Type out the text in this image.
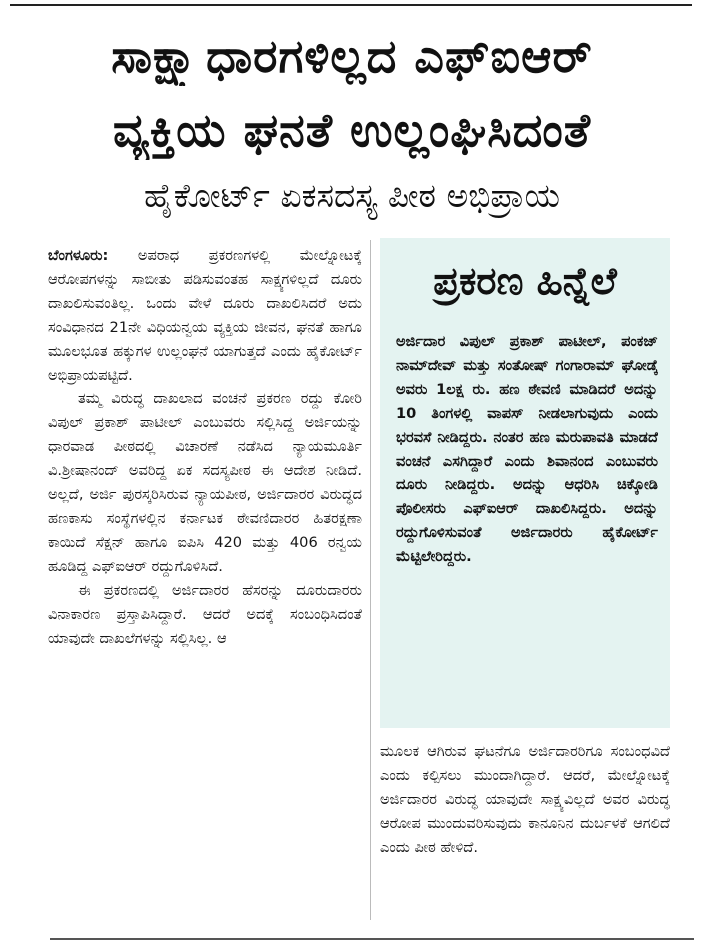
ಸಾಕ್ಷ್ಯಾಧಾರಗಳಿಲ್ಲದ ಎಫ್‌ಐಆರ್
ವ್ಯಕ್ತಿಯ ಘನತೆ ಉಲ್ಲಂಘಿಸಿದಂತೆ
ಹೈಕೋರ್ಟ್‌ ಏಕಸದಸ್ಯ ಪೀಠ ಅಭಿಪ್ರಾಯ

ಬೆಂಗಳೂರು: ಅಪರಾಧ ಪ್ರಕರಣಗಳಲ್ಲಿ ಮೇಲ್ನೋಟಕ್ಕೆ ಆರೋಪಗಳನ್ನು ಸಾಬೀತು ಪಡಿಸುವಂತಹ ಸಾಕ್ಷ್ಯಗಳಿಲ್ಲದೆ ದೂರು ದಾಖಲಿಸುವಂತಿಲ್ಲ. ಒಂದು ವೇಳೆ ದೂರು ದಾಖಲಿಸಿದರೆ ಅದು ಸಂವಿಧಾನದ 21ನೇ ವಿಧಿಯನ್ವಯ ವ್ಯಕ್ತಿಯ ಜೀವನ, ಘನತೆ ಹಾಗೂ ಮೂಲಭೂತ ಹಕ್ಕುಗಳ ಉಲ್ಲಂಘನೆ ಯಾಗುತ್ತದೆ ಎಂದು ಹೈಕೋರ್ಟ್ ಅಭಿಪ್ರಾಯಪಟ್ಟಿದೆ.

ತಮ್ಮ ವಿರುದ್ಧ ದಾಖಲಾದ ವಂಚನೆ ಪ್ರಕರಣ ರದ್ದು ಕೋರಿ ವಿಪುಲ್ ಪ್ರಕಾಶ್ ಪಾಟೀಲ್ ಎಂಬುವರು ಸಲ್ಲಿಸಿದ್ದ ಅರ್ಜಿಯನ್ನು ಧಾರವಾಡ ಪೀಠದಲ್ಲಿ ವಿಚಾರಣೆ ನಡೆಸಿದ ನ್ಯಾಯಮೂರ್ತಿ ವಿ.ಶ್ರೀಷಾನಂದ್ ಅವರಿದ್ದ ಏಕ ಸದಸ್ಯಪೀಠ ಈ ಆದೇಶ ನೀಡಿದೆ. ಅಲ್ಲದೆ, ಅರ್ಜಿ ಪುರಸ್ಕರಿಸಿರುವ ನ್ಯಾಯಪೀಠ, ಅರ್ಜಿದಾರರ ವಿರುದ್ಧದ ಹಣಕಾಸು ಸಂಸ್ಥೆಗಳಲ್ಲಿನ ಕರ್ನಾಟಕ ಠೇವಣಿದಾರರ ಹಿತರಕ್ಷಣಾ ಕಾಯಿದೆ ಸೆಕ್ಷನ್ ಹಾಗೂ ಐಪಿಸಿ 420 ಮತ್ತು 406 ರನ್ವಯ ಹೂಡಿದ್ದ ಎಫ್‌ಐಆರ್ ರದ್ದುಗೊಳಿಸಿದೆ.

ಈ ಪ್ರಕರಣದಲ್ಲಿ ಅರ್ಜಿದಾರರ ಹೆಸರನ್ನು ದೂರುದಾರರು ವಿನಾಕಾರಣ ಪ್ರಸ್ತಾಪಿಸಿದ್ದಾರೆ. ಆದರೆ ಅದಕ್ಕೆ ಸಂಬಂಧಿಸಿದಂತೆ ಯಾವುದೇ ದಾಖಲೆಗಳನ್ನು ಸಲ್ಲಿಸಿಲ್ಲ. ಆ

ಪ್ರಕರಣ ಹಿನ್ನೆಲೆ
ಅರ್ಜಿದಾರ ವಿಪುಲ್ ಪ್ರಕಾಶ್ ಪಾಟೀಲ್, ಪಂಕಜ್ ನಾಮ್‌ದೇವ್ ಮತ್ತು ಸಂತೋಷ್ ಗಂಗಾರಾಮ್ ಘೋಡ್ಕೆ ಅವರು 1ಲಕ್ಷ ರು. ಹಣ ಠೇವಣಿ ಮಾಡಿದರೆ ಅದನ್ನು 10 ತಿಂಗಳಲ್ಲಿ ವಾಪಸ್ ನೀಡಲಾಗುವುದು ಎಂದು ಭರವಸೆ ನೀಡಿದ್ದರು. ನಂತರ ಹಣ ಮರುಪಾವತಿ ಮಾಡದೆ ವಂಚನೆ ಎಸಗಿದ್ದಾರೆ ಎಂದು ಶಿವಾನಂದ ಎಂಬುವರು ದೂರು ನೀಡಿದ್ದರು. ಅದನ್ನು ಆಧರಿಸಿ ಚಿಕ್ಕೋಡಿ ಪೊಲೀಸರು ಎಫ್‌ಐಆರ್ ದಾಖಲಿಸಿದ್ದರು. ಅದನ್ನು ರದ್ದುಗೊಳಿಸುವಂತೆ ಅರ್ಜಿದಾರರು ಹೈಕೋರ್ಟ್ ಮೆಟ್ಟಿಲೇರಿದ್ದರು.

ಮೂಲಕ ಆಗಿರುವ ಘಟನೆಗೂ ಅರ್ಜಿದಾರರಿಗೂ ಸಂಬಂಧವಿದೆ ಎಂದು ಕಲ್ಪಿಸಲು ಮುಂದಾಗಿದ್ದಾರೆ. ಆದರೆ, ಮೇಲ್ನೋಟಕ್ಕೆ ಅರ್ಜಿದಾರರ ವಿರುದ್ಧ ಯಾವುದೇ ಸಾಕ್ಷ್ಯವಿಲ್ಲದೆ ಅವರ ವಿರುದ್ಧ ಆರೋಪ ಮುಂದುವರಿಸುವುದು ಕಾನೂನಿನ ದುರ್ಬಳಕೆ ಆಗಲಿದೆ ಎಂದು ಪೀಠ ಹೇಳಿದೆ.
